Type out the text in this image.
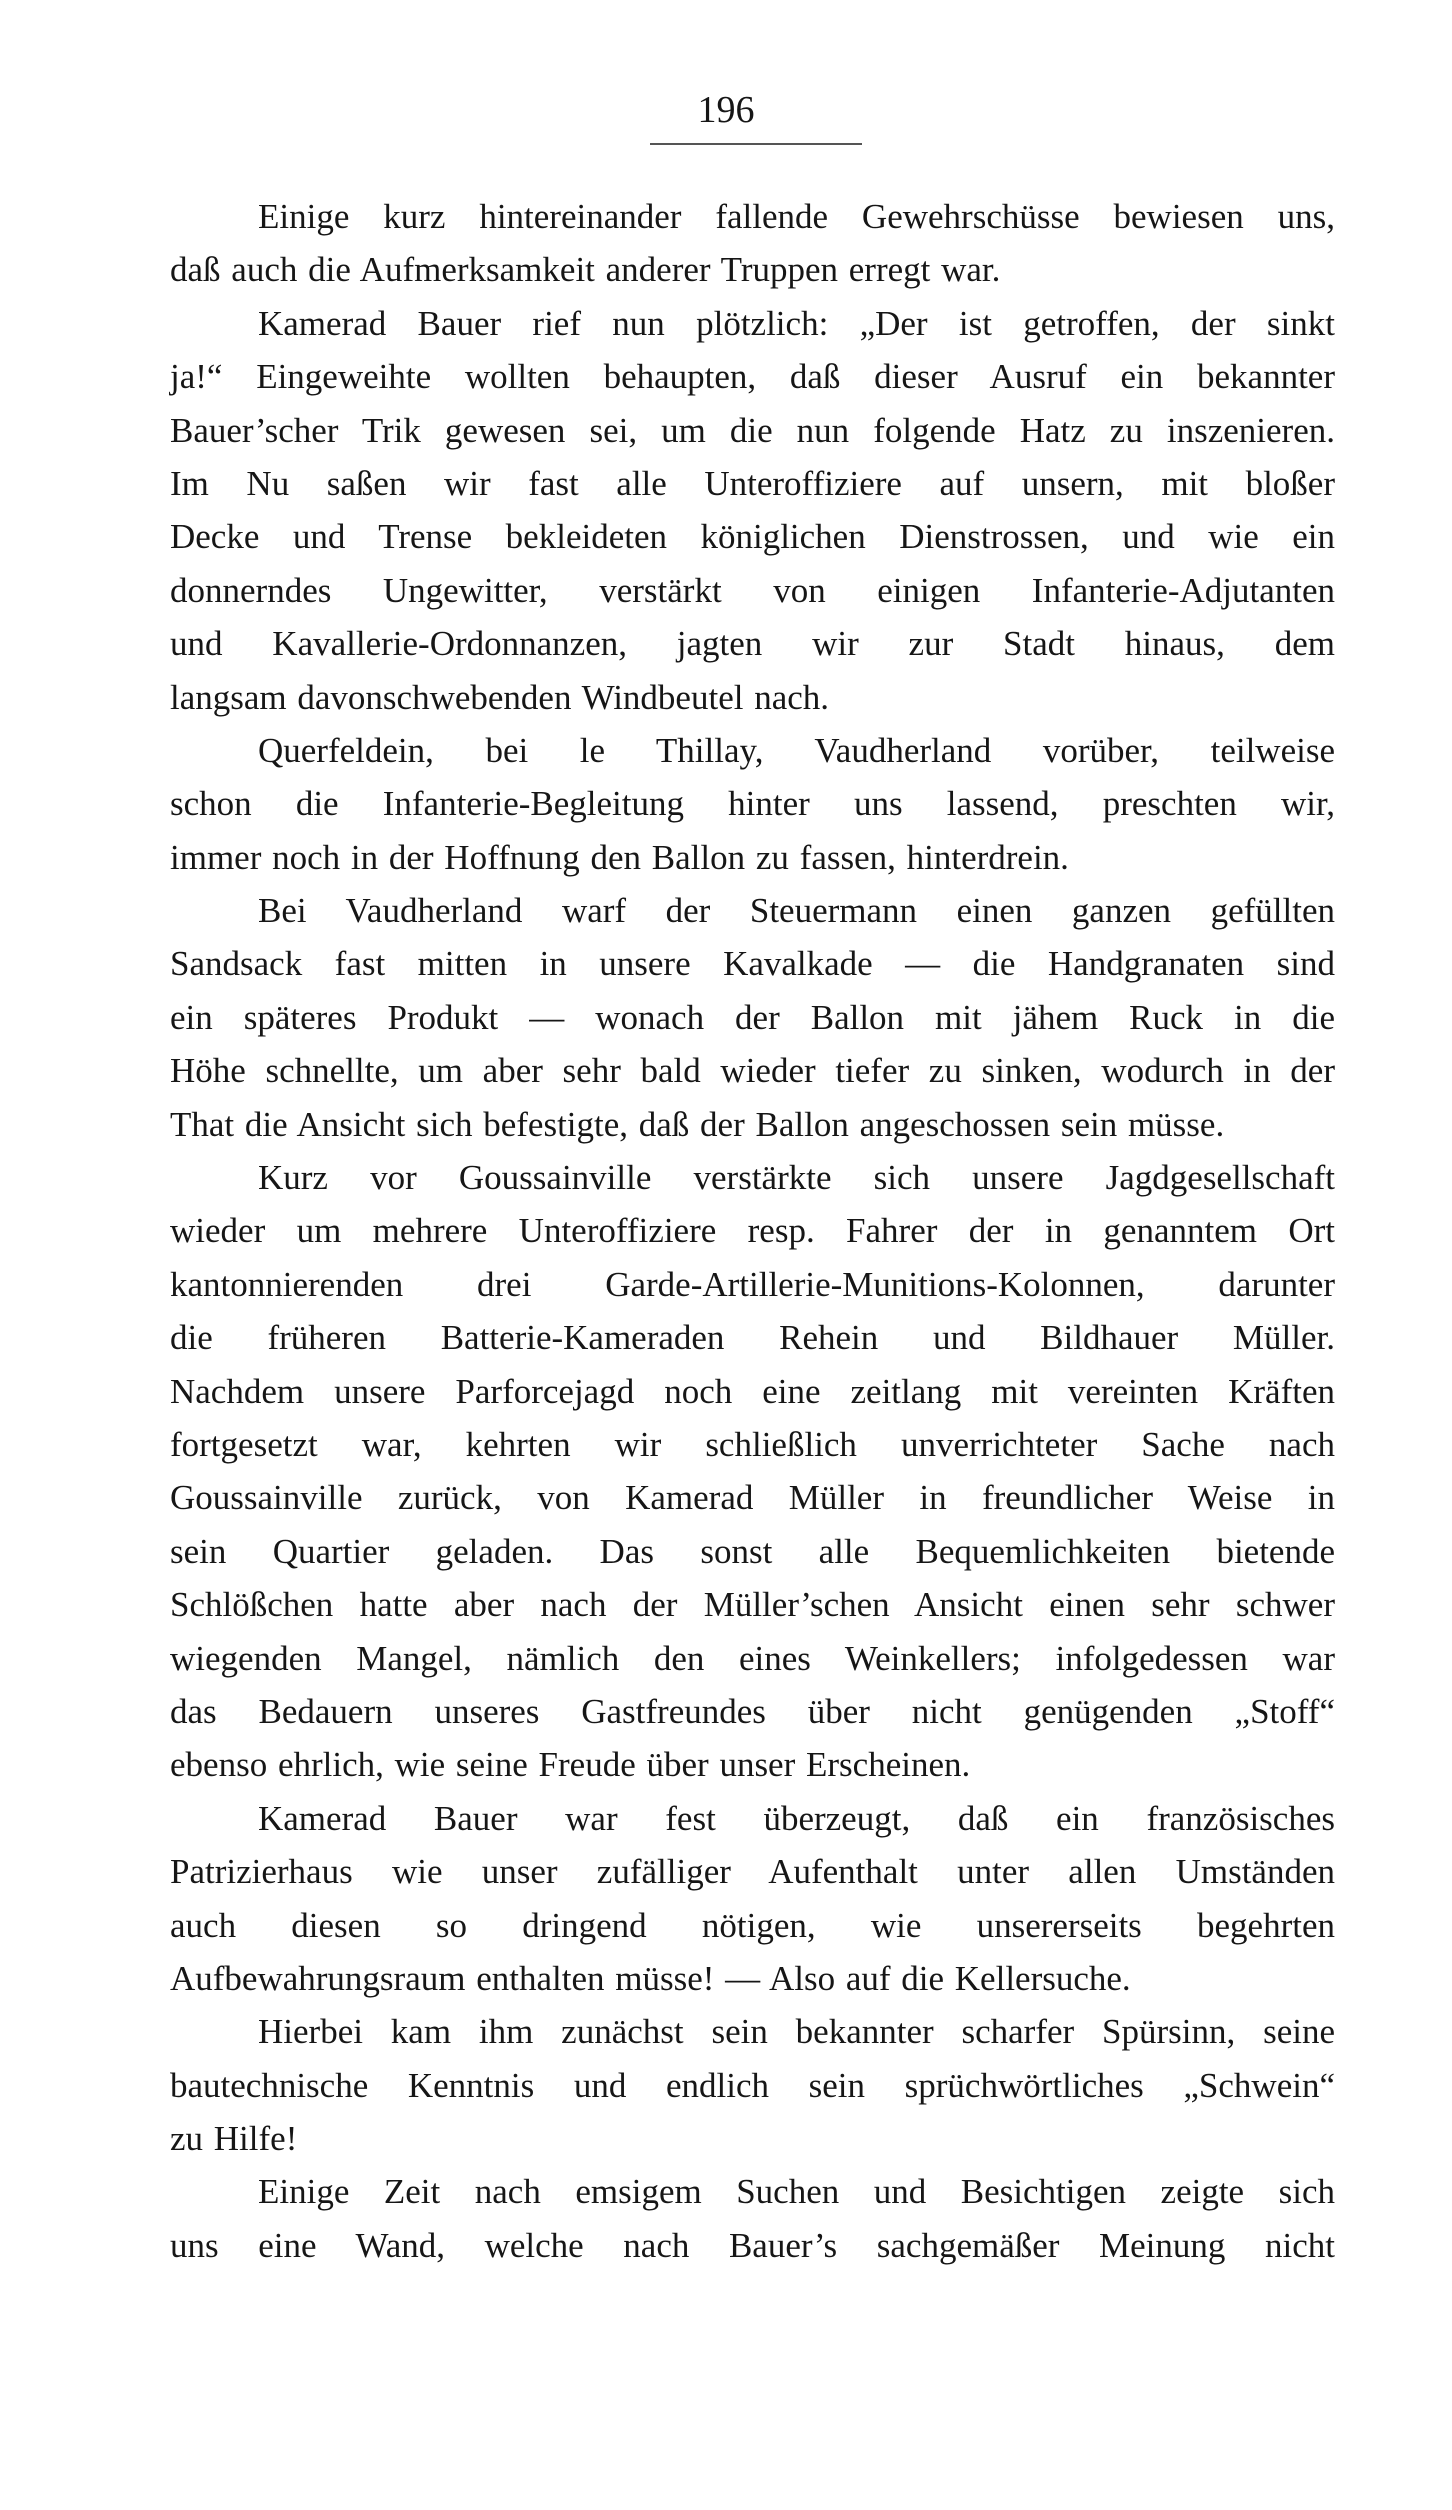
196
Einige kurz hintereinander fallende Gewehrschüsse bewiesen uns,
daß auch die Aufmerksamkeit anderer Truppen erregt war.
Kamerad Bauer rief nun plötzlich: „Der ist getroffen, der sinkt
ja!“ Eingeweihte wollten behaupten, daß dieser Ausruf ein bekannter
Bauer’scher Trik gewesen sei, um die nun folgende Hatz zu inszenieren.
Im Nu saßen wir fast alle Unteroffiziere auf unsern, mit bloßer
Decke und Trense bekleideten königlichen Dienstrossen, und wie ein
donnerndes Ungewitter, verstärkt von einigen Infanterie-Adjutanten
und Kavallerie-Ordonnanzen, jagten wir zur Stadt hinaus, dem
langsam davonschwebenden Windbeutel nach.
Querfeldein, bei le Thillay, Vaudherland vorüber, teilweise
schon die Infanterie-Begleitung hinter uns lassend, preschten wir,
immer noch in der Hoffnung den Ballon zu fassen, hinterdrein.
Bei Vaudherland warf der Steuermann einen ganzen gefüllten
Sandsack fast mitten in unsere Kavalkade — die Handgranaten sind
ein späteres Produkt — wonach der Ballon mit jähem Ruck in die
Höhe schnellte, um aber sehr bald wieder tiefer zu sinken, wodurch in der
That die Ansicht sich befestigte, daß der Ballon angeschossen sein müsse.
Kurz vor Goussainville verstärkte sich unsere Jagdgesellschaft
wieder um mehrere Unteroffiziere resp. Fahrer der in genanntem Ort
kantonnierenden drei Garde-Artillerie-Munitions-Kolonnen, darunter
die früheren Batterie-Kameraden Rehein und Bildhauer Müller.
Nachdem unsere Parforcejagd noch eine zeitlang mit vereinten Kräften
fortgesetzt war, kehrten wir schließlich unverrichteter Sache nach
Goussainville zurück, von Kamerad Müller in freundlicher Weise in
sein Quartier geladen. Das sonst alle Bequemlichkeiten bietende
Schlößchen hatte aber nach der Müller’schen Ansicht einen sehr schwer
wiegenden Mangel, nämlich den eines Weinkellers; infolgedessen war
das Bedauern unseres Gastfreundes über nicht genügenden „Stoff“
ebenso ehrlich, wie seine Freude über unser Erscheinen.
Kamerad Bauer war fest überzeugt, daß ein französisches
Patrizierhaus wie unser zufälliger Aufenthalt unter allen Umständen
auch diesen so dringend nötigen, wie unsererseits begehrten
Aufbewahrungsraum enthalten müsse! — Also auf die Kellersuche.
Hierbei kam ihm zunächst sein bekannter scharfer Spürsinn, seine
bautechnische Kenntnis und endlich sein sprüchwörtliches „Schwein“
zu Hilfe!
Einige Zeit nach emsigem Suchen und Besichtigen zeigte sich
uns eine Wand, welche nach Bauer’s sachgemäßer Meinung nicht
